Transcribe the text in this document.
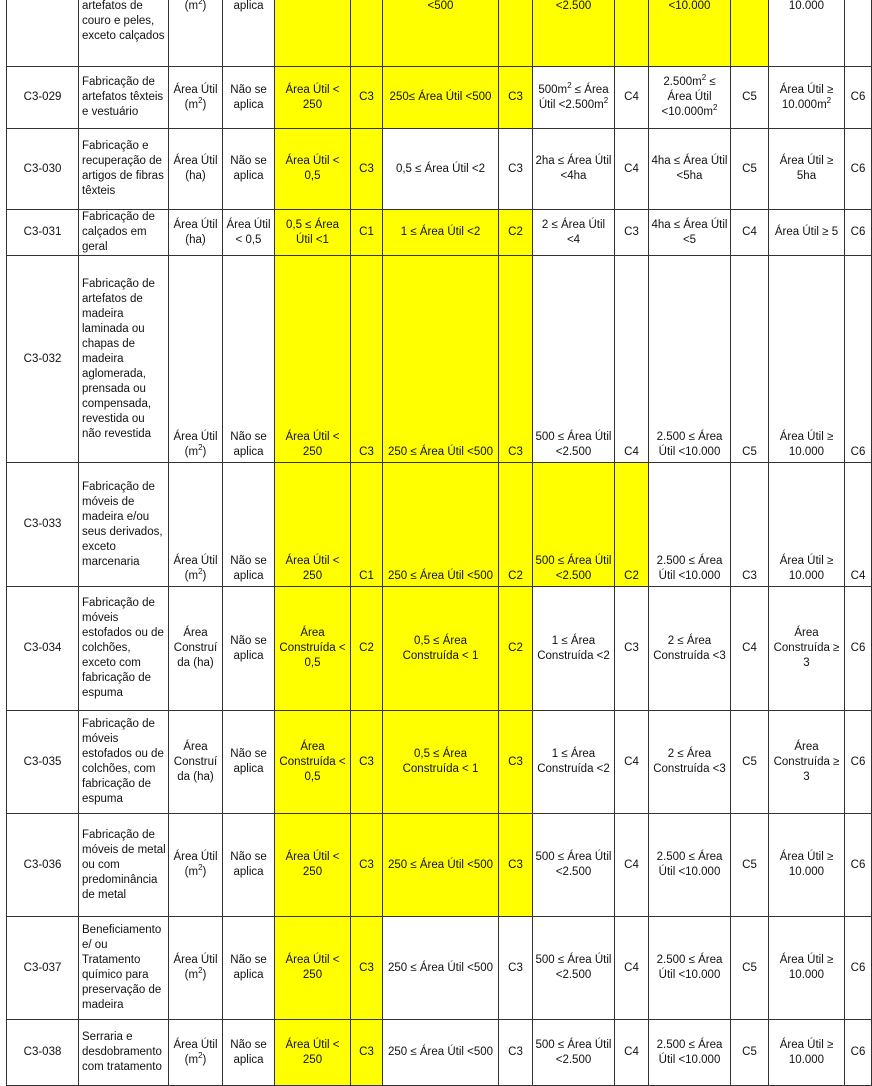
	artefatos de couro e peles, exceto calçados	$(m^2)$	aplica			<500		<2.500		<10.000		10.000	
C3-029	Fabricação de artefatos têxteis e vestuário	Área Útil $(m^2)$	Não se aplica	Área Útil < 250	C3	250≤ Área Útil <500	C3	$500m^2$ ≤ Área Útil $<2.500m^2$	C4	$2.500m^2$ ≤ Área Útil $<10.000m^2$	C5	Área Útil ≥ $10.000m^2$	C6
C3-030	Fabricação e recuperação de artigos de fibras têxteis	Área Útil (ha)	Não se aplica	Área Útil < 0,5	C3	0,5 ≤ Área Útil <2	C3	2ha ≤ Área Útil <4ha	C4	4ha ≤ Área Útil <5ha	C5	Área Útil ≥ 5ha	C6
C3-031	Fabricação de calçados em geral	Área Útil (ha)	Área Útil < 0,5	0,5 ≤ Área Útil <1	C1	1 ≤ Área Útil <2	C2	2 ≤ Área Útil <4	C3	4ha ≤ Área Útil <5	C4	Área Útil ≥ 5	C6
C3-032	Fabricação de artefatos de madeira laminada ou chapas de madeira aglomerada, prensada ou compensada, revestida ou não revestida	Área Útil $(m^2)$	Não se aplica	Área Útil < 250	C3	250 ≤ Área Útil <500	C3	500 ≤ Área Útil <2.500	C4	2.500 ≤ Área Útil <10.000	C5	Área Útil ≥ 10.000	C6
C3-033	Fabricação de móveis de madeira e/ou seus derivados, exceto marcenaria	Área Útil $(m^2)$	Não se aplica	Área Útil < 250	C1	250 ≤ Área Útil <500	C2	500 ≤ Área Útil <2.500	C2	2.500 ≤ Área Útil <10.000	C3	Área Útil ≥ 10.000	C4
C3-034	Fabricação de móveis estofados ou de colchões, exceto com fabricação de espuma	Área Construída (ha)	Não se aplica	Área Construída < 0,5	C2	0,5 ≤ Área Construída < 1	C2	1 ≤ Área Construída <2	C3	2 ≤ Área Construída <3	C4	Área Construída ≥ 3	C6
C3-035	Fabricação de móveis estofados ou de colchões, com fabricação de espuma	Área Construída (ha)	Não se aplica	Área Construída < 0,5	C3	0,5 ≤ Área Construída < 1	C3	1 ≤ Área Construída <2	C4	2 ≤ Área Construída <3	C5	Área Construída ≥ 3	C6
C3-036	Fabricação de móveis de metal ou com predominância de metal	Área Útil $(m^2)$	Não se aplica	Área Útil < 250	C3	250 ≤ Área Útil <500	C3	500 ≤ Área Útil <2.500	C4	2.500 ≤ Área Útil <10.000	C5	Área Útil ≥ 10.000	C6
C3-037	Beneficiamento e/ ou Tratamento químico para preservação de madeira	Área Útil $(m^2)$	Não se aplica	Área Útil < 250	C3	250 ≤ Área Útil <500	C3	500 ≤ Área Útil <2.500	C4	2.500 ≤ Área Útil <10.000	C5	Área Útil ≥ 10.000	C6
C3-038	Serraria e desdobramento com tratamento	Área Útil $(m^2)$	Não se aplica	Área Útil < 250	C3	250 ≤ Área Útil <500	C3	500 ≤ Área Útil <2.500	C4	2.500 ≤ Área Útil <10.000	C5	Área Útil ≥ 10.000	C6
